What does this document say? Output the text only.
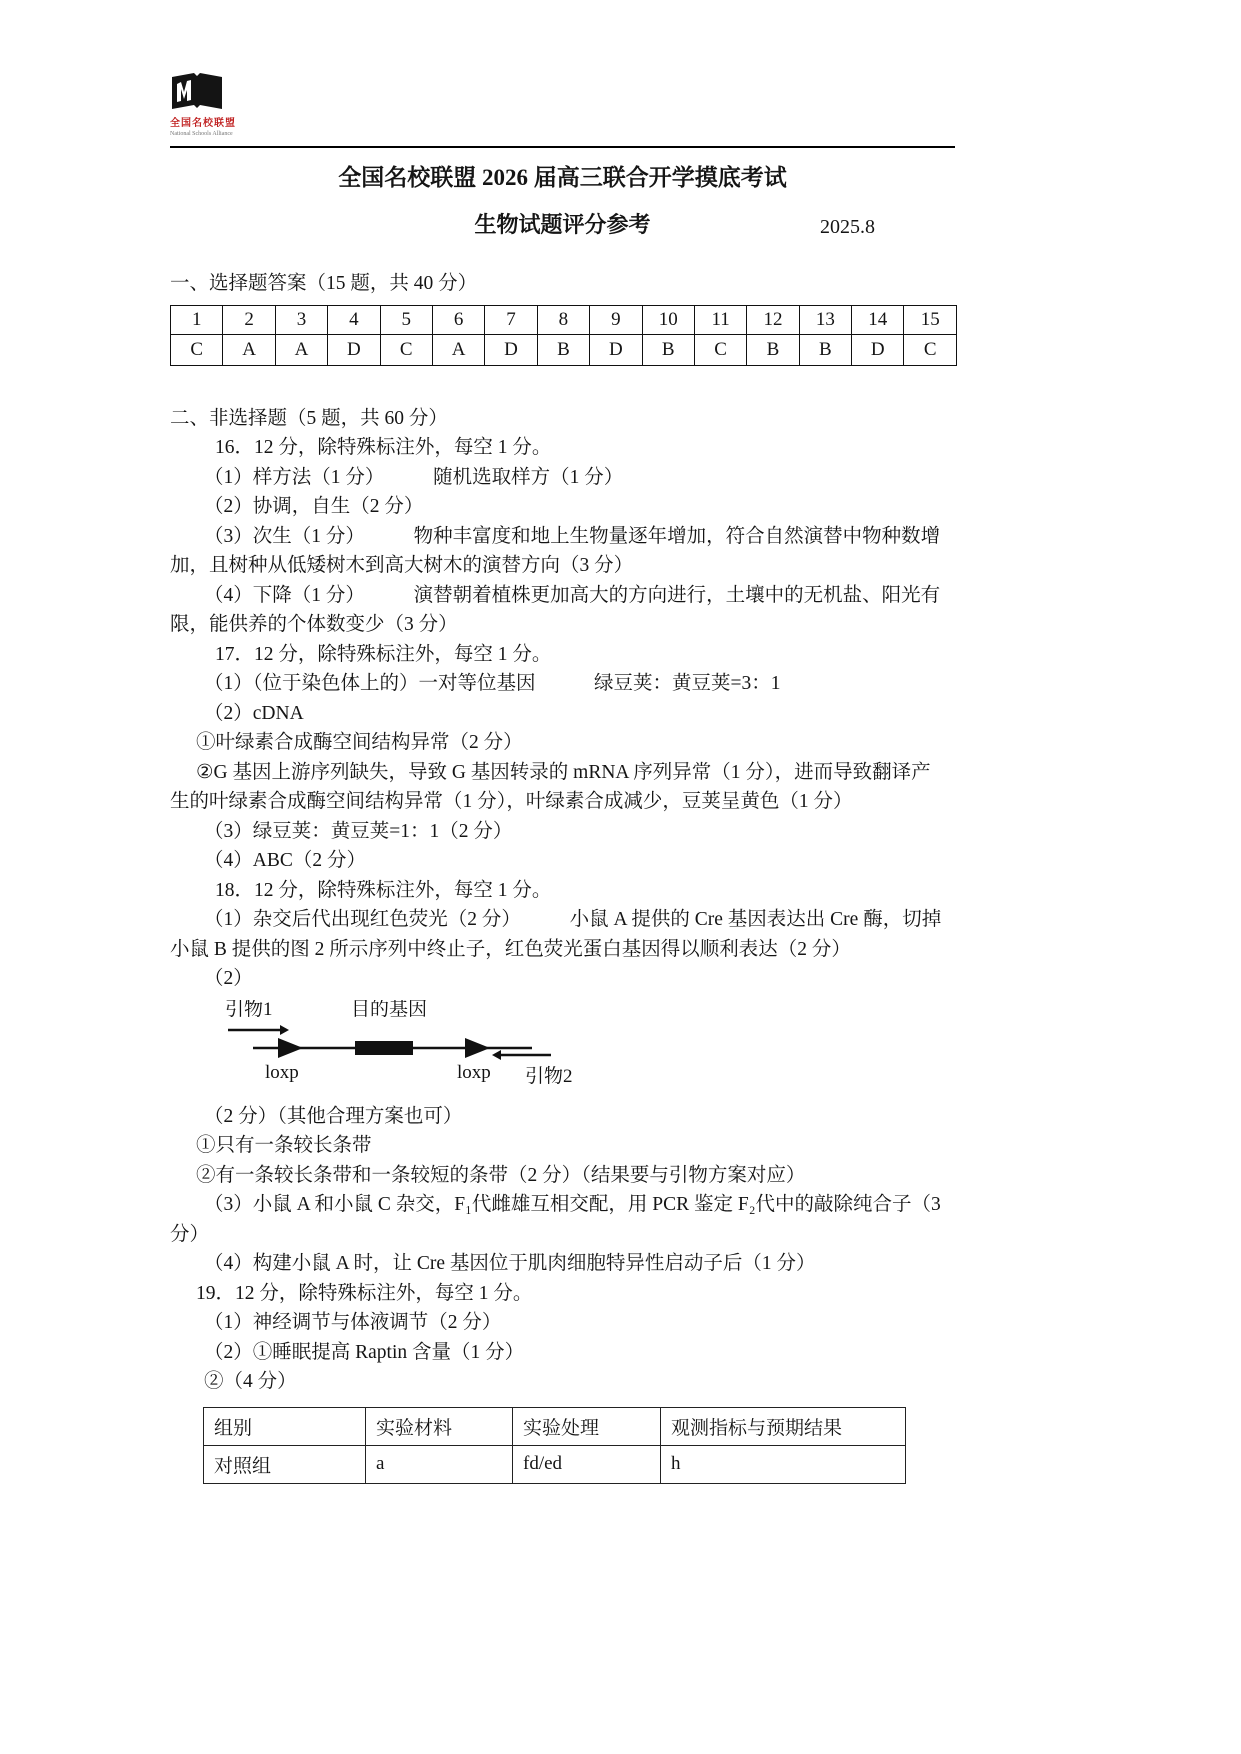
全国名校联盟
National Schools Alliance
全国名校联盟 2026 届高三联合开学摸底考试
生物试题评分参考	2025.8
一、选择题答案（15 题，共 40 分）
1	2	3	4	5	6	7	8	9	10	11	12	13	14	15
C	A	A	D	C	A	D	B	D	B	C	B	B	D	C
二、非选择题（5 题，共 60 分）

16．12 分，除特殊标注外，每空 1 分。

（1）样方法（1 分）　　　随机选取样方（1 分）

（2）协调，自生（2 分）

（3）次生（1 分）　　　物种丰富度和地上生物量逐年增加，符合自然演替中物种数增

加，且树种从低矮树木到高大树木的演替方向（3 分）

（4）下降（1 分）　　　演替朝着植株更加高大的方向进行，土壤中的无机盐、阳光有

限，能供养的个体数变少（3 分）

17．12 分，除特殊标注外，每空 1 分。

（1）（位于染色体上的）一对等位基因　　　绿豆荚：黄豆荚=3：1

（2）cDNA

①叶绿素合成酶空间结构异常（2 分）

②G 基因上游序列缺失，导致 G 基因转录的 mRNA 序列异常（1 分），进而导致翻译产

生的叶绿素合成酶空间结构异常（1 分），叶绿素合成减少，豆荚呈黄色（1 分）

（3）绿豆荚：黄豆荚=1：1（2 分）

（4）ABC（2 分）

18．12 分，除特殊标注外，每空 1 分。

（1）杂交后代出现红色荧光（2 分）　　　小鼠 A 提供的 Cre 基因表达出 Cre 酶，切掉

小鼠 B 提供的图 2 所示序列中终止子，红色荧光蛋白基因得以顺利表达（2 分）

（2）

引物1	目的基因
loxp	loxp 引物2

（2 分）（其他合理方案也可）

①只有一条较长条带

②有一条较长条带和一条较短的条带（2 分）（结果要与引物方案对应）

（3）小鼠 A 和小鼠 C 杂交，F₁代雌雄互相交配，用 PCR 鉴定 F₂代中的敲除纯合子（3

分）

（4）构建小鼠 A 时，让 Cre 基因位于肌肉细胞特异性启动子后（1 分）

19．12 分，除特殊标注外，每空 1 分。

（1）神经调节与体液调节（2 分）

（2）①睡眠提高 Raptin 含量（1 分）

②（4 分）

组别	实验材料	实验处理	观测指标与预期结果
对照组	a	fd/ed	h
